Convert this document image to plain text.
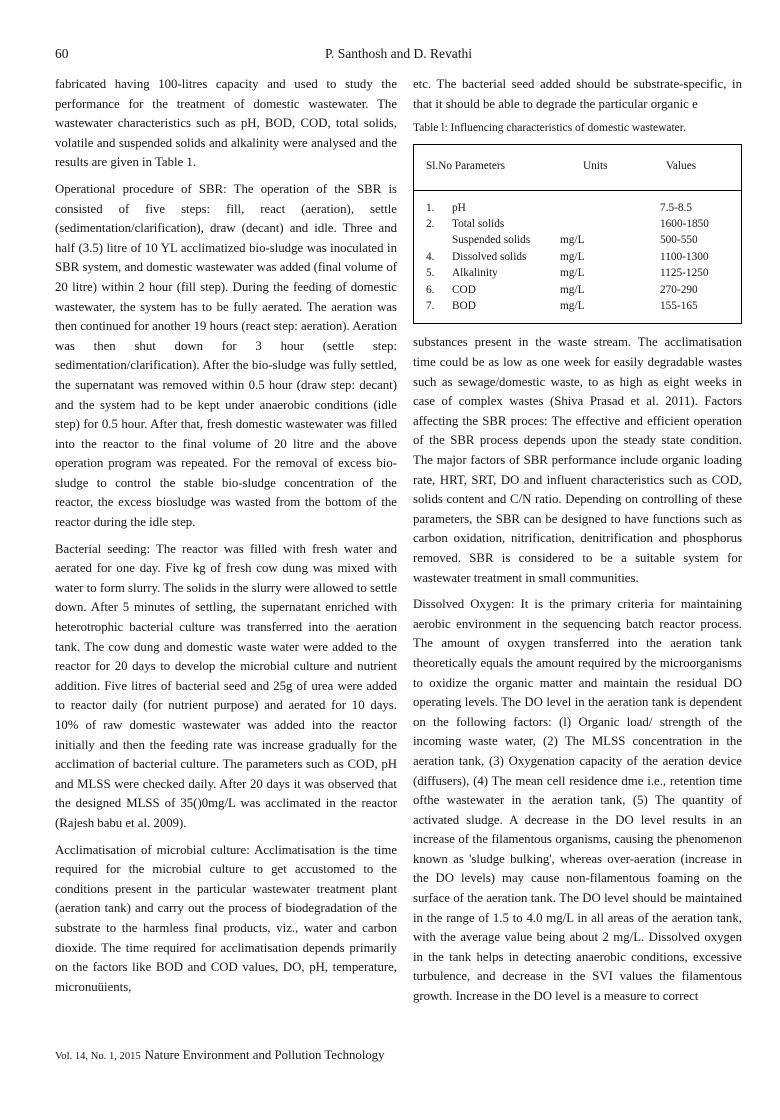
60	P. Santhosh and D. Revathi

fabricated having 100-litres capacity and used to study the performance for the treatment of domestic wastewater. The wastewater characteristics such as pH, BOD, COD, total solids, volatile and suspended solids and alkalinity were analysed and the results are given in Table 1.

Operational procedure of SBR: The operation of the SBR is consisted of five steps: fill, react (aeration), settle (sedimentation/clarification), draw (decant) and idle. Three and half (3.5) litre of 10 YL acclimatized bio-sludge was inoculated in SBR system, and domestic wastewater was added (final volume of 20 litre) within 2 hour (fill step). During the feeding of domestic wastewater, the system has to be fully aerated. The aeration was then continued for another 19 hours (react step: aeration). Aeration was then shut down for 3 hour (settle step: sedimentation/clarification). After the bio-sludge was fully settled, the supernatant was removed within 0.5 hour (draw step: decant) and the system had to be kept under anaerobic conditions (idle step) for 0.5 hour. After that, fresh domestic wastewater was filled into the reactor to the final volume of 20 litre and the above operation program was repeated. For the removal of excess bio-sludge to control the stable bio-sludge concentration of the reactor, the excess biosludge was wasted from the bottom of the reactor during the idle step.

Bacterial seeding: The reactor was filled with fresh water and aerated for one day. Five kg of fresh cow dung was mixed with water to form slurry. The solids in the slurry were allowed to settle down. After 5 minutes of settling, the supernatant enriched with heterotrophic bacterial culture was transferred into the aeration tank. The cow dung and domestic waste water were added to the reactor for 20 days to develop the microbial culture and nutrient addition. Five litres of bacterial seed and 25g of urea were added to reactor daily (for nutrient purpose) and aerated for 10 days. 10% of raw domestic wastewater was added into the reactor initially and then the feeding rate was increase gradually for the acclimation of bacterial culture. The parameters such as COD, pH and MLSS were checked daily. After 20 days it was observed that the designed MLSS of 35()0mg/L was acclimated in the reactor (Rajesh babu et al. 2009).

Acclimatisation of microbial culture: Acclimatisation is the time required for the microbial culture to get accustomed to the conditions present in the particular wastewater treatment plant (aeration tank) and carry out the process of biodegradation of the substrate to the harmless final products, viz., water and carbon dioxide. The time required for acclimatisation depends primarily on the factors like BOD and COD values, DO, pH, temperature, micronuüients,

etc. The bacterial seed added should be substrate-specific, in that it should be able to degrade the particular organic e

Table l: Influencing characteristics of domestic wastewater.
Sl.No Parameters	Units	Values
1.	pH	7.5-8.5
2.	Total solids	1600-1850
Suspended solids	mg/L	500-550
4.	Dissolved solids	mg/L	1100-1300
5.	Alkalinity	mg/L	1125-1250
6.	COD	mg/L	270-290
7.	BOD	mg/L	155-165

substances present in the waste stream. The acclimatisation time could be as low as one week for easily degradable wastes such as sewage/domestic waste, to as high as eight weeks in case of complex wastes (Shiva Prasad et al. 2011). Factors affecting the SBR proces: The effective and efficient operation of the SBR process depends upon the steady state condition. The major factors of SBR performance include organic loading rate, HRT, SRT, DO and influent characteristics such as COD, solids content and C/N ratio. Depending on controlling of these parameters, the SBR can be designed to have functions such as carbon oxidation, nitrification, denitrification and phosphorus removed. SBR is considered to be a suitable system for wastewater treatment in small communities.

Dissolved Oxygen: It is the primary criteria for maintaining aerobic environment in the sequencing batch reactor process. The amount of oxygen transferred into the aeration tank theoretically equals the amount required by the microorganisms to oxidize the organic matter and maintain the residual DO operating levels. The DO level in the aeration tank is dependent on the following factors: (l) Organic load/ strength of the incoming waste water, (2) The MLSS concentration in the aeration tank, (3) Oxygenation capacity of the aeration device (diffusers), (4) The mean cell residence dme i.e., retention time ofthe wastewater in the aeration tank, (5) The quantity of activated sludge. A decrease in the DO level results in an increase of the filamentous organisms, causing the phenomenon known as 'sludge bulking', whereas over-aeration (increase in the DO levels) may cause non-filamentous foaming on the surface of the aeration tank. The DO level should be maintained in the range of 1.5 to 4.0 mg/L in all areas of the aeration tank, with the average value being about 2 mg/L. Dissolved oxygen in the tank helps in detecting anaerobic conditions, excessive turbulence, and decrease in the SVI values the filamentous growth. Increase in the DO level is a measure to correct

Vol. 14, No. 1, 2015 Nature Environment and Pollution Technology
